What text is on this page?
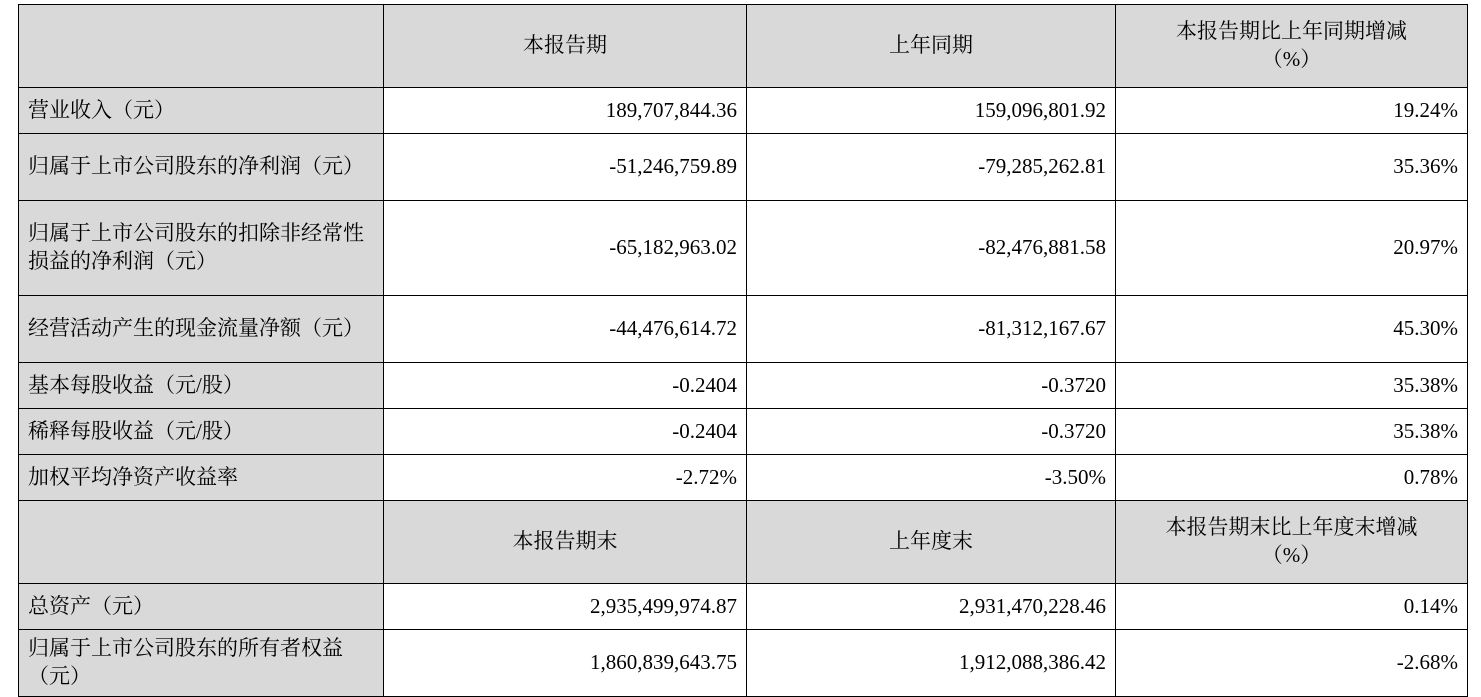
	本报告期	上年同期	本报告期比上年同期增减
（%）

营业收入（元）	189,707,844.36	159,096,801.92	19.24%
归属于上市公司股东的净利润（元）	-51,246,759.89	-79,285,262.81	35.36%
归属于上市公司股东的扣除非经常性损益的净利润（元）	-65,182,963.02	-82,476,881.58	20.97%
经营活动产生的现金流量净额（元）	-44,476,614.72	-81,312,167.67	45.30%
基本每股收益（元/股）	-0.2404	-0.3720	35.38%
稀释每股收益（元/股）	-0.2404	-0.3720	35.38%
加权平均净资产收益率	-2.72%	-3.50%	0.78%
	本报告期末	上年度末	本报告期末比上年度末增减
（%）

总资产（元）	2,935,499,974.87	2,931,470,228.46	0.14%
归属于上市公司股东的所有者权益（元）	1,860,839,643.75	1,912,088,386.42	-2.68%
